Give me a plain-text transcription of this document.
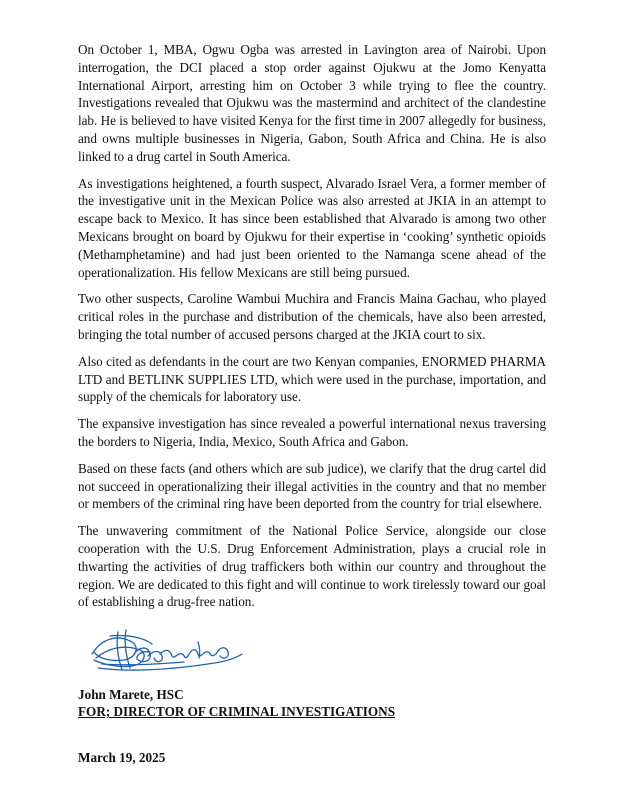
On October 1, MBA, Ogwu Ogba was arrested in Lavington area of Nairobi. Upon interrogation, the DCI placed a stop order against Ojukwu at the Jomo Kenyatta International Airport, arresting him on October 3 while trying to flee the country. Investigations revealed that Ojukwu was the mastermind and architect of the clandestine lab. He is believed to have visited Kenya for the first time in 2007 allegedly for business, and owns multiple businesses in Nigeria, Gabon, South Africa and China. He is also linked to a drug cartel in South America.

As investigations heightened, a fourth suspect, Alvarado Israel Vera, a former member of the investigative unit in the Mexican Police was also arrested at JKIA in an attempt to escape back to Mexico. It has since been established that Alvarado is among two other Mexicans brought on board by Ojukwu for their expertise in ‘cooking’ synthetic opioids (Methamphetamine) and had just been oriented to the Namanga scene ahead of the operationalization. His fellow Mexicans are still being pursued.

Two other suspects, Caroline Wambui Muchira and Francis Maina Gachau, who played critical roles in the purchase and distribution of the chemicals, have also been arrested, bringing the total number of accused persons charged at the JKIA court to six.

Also cited as defendants in the court are two Kenyan companies, ENORMED PHARMA LTD and BETLINK SUPPLIES LTD, which were used in the purchase, importation, and supply of the chemicals for laboratory use.

The expansive investigation has since revealed a powerful international nexus traversing the borders to Nigeria, India, Mexico, South Africa and Gabon.

Based on these facts (and others which are sub judice), we clarify that the drug cartel did not succeed in operationalizing their illegal activities in the country and that no member or members of the criminal ring have been deported from the country for trial elsewhere.

The unwavering commitment of the National Police Service, alongside our close cooperation with the U.S. Drug Enforcement Administration, plays a crucial role in thwarting the activities of drug traffickers both within our country and throughout the region. We are dedicated to this fight and will continue to work tirelessly toward our goal of establishing a drug-free nation.

John Marete, HSC
FOR; DIRECTOR OF CRIMINAL INVESTIGATIONS
March 19, 2025
